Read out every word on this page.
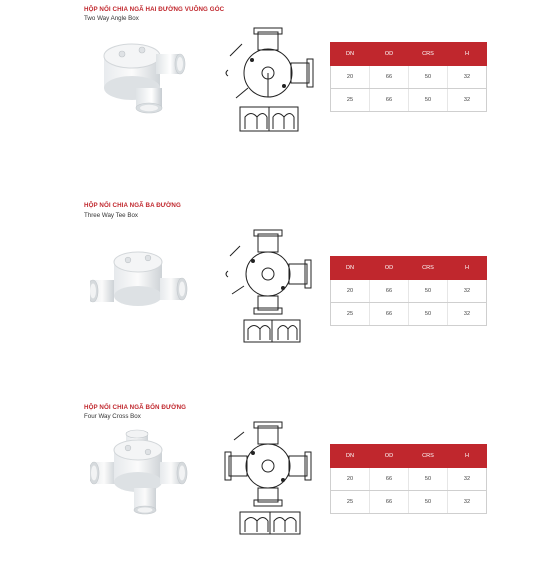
HỘP NỐI CHIA NGÃ HAI ĐƯỜNG VUÔNG GÓC
Two Way Angle Box
DN	OD	CRS	H
20	66	50	32
25	66	50	32
HỘP NỐI CHIA NGÃ BA ĐƯỜNG
Three Way Tee Box
DN	OD	CRS	H
20	66	50	32
25	66	50	32
HỘP NỐI CHIA NGÃ BỐN ĐƯỜNG
Four Way Cross Box
DN	OD	CRS	H
20	66	50	32
25	66	50	32
